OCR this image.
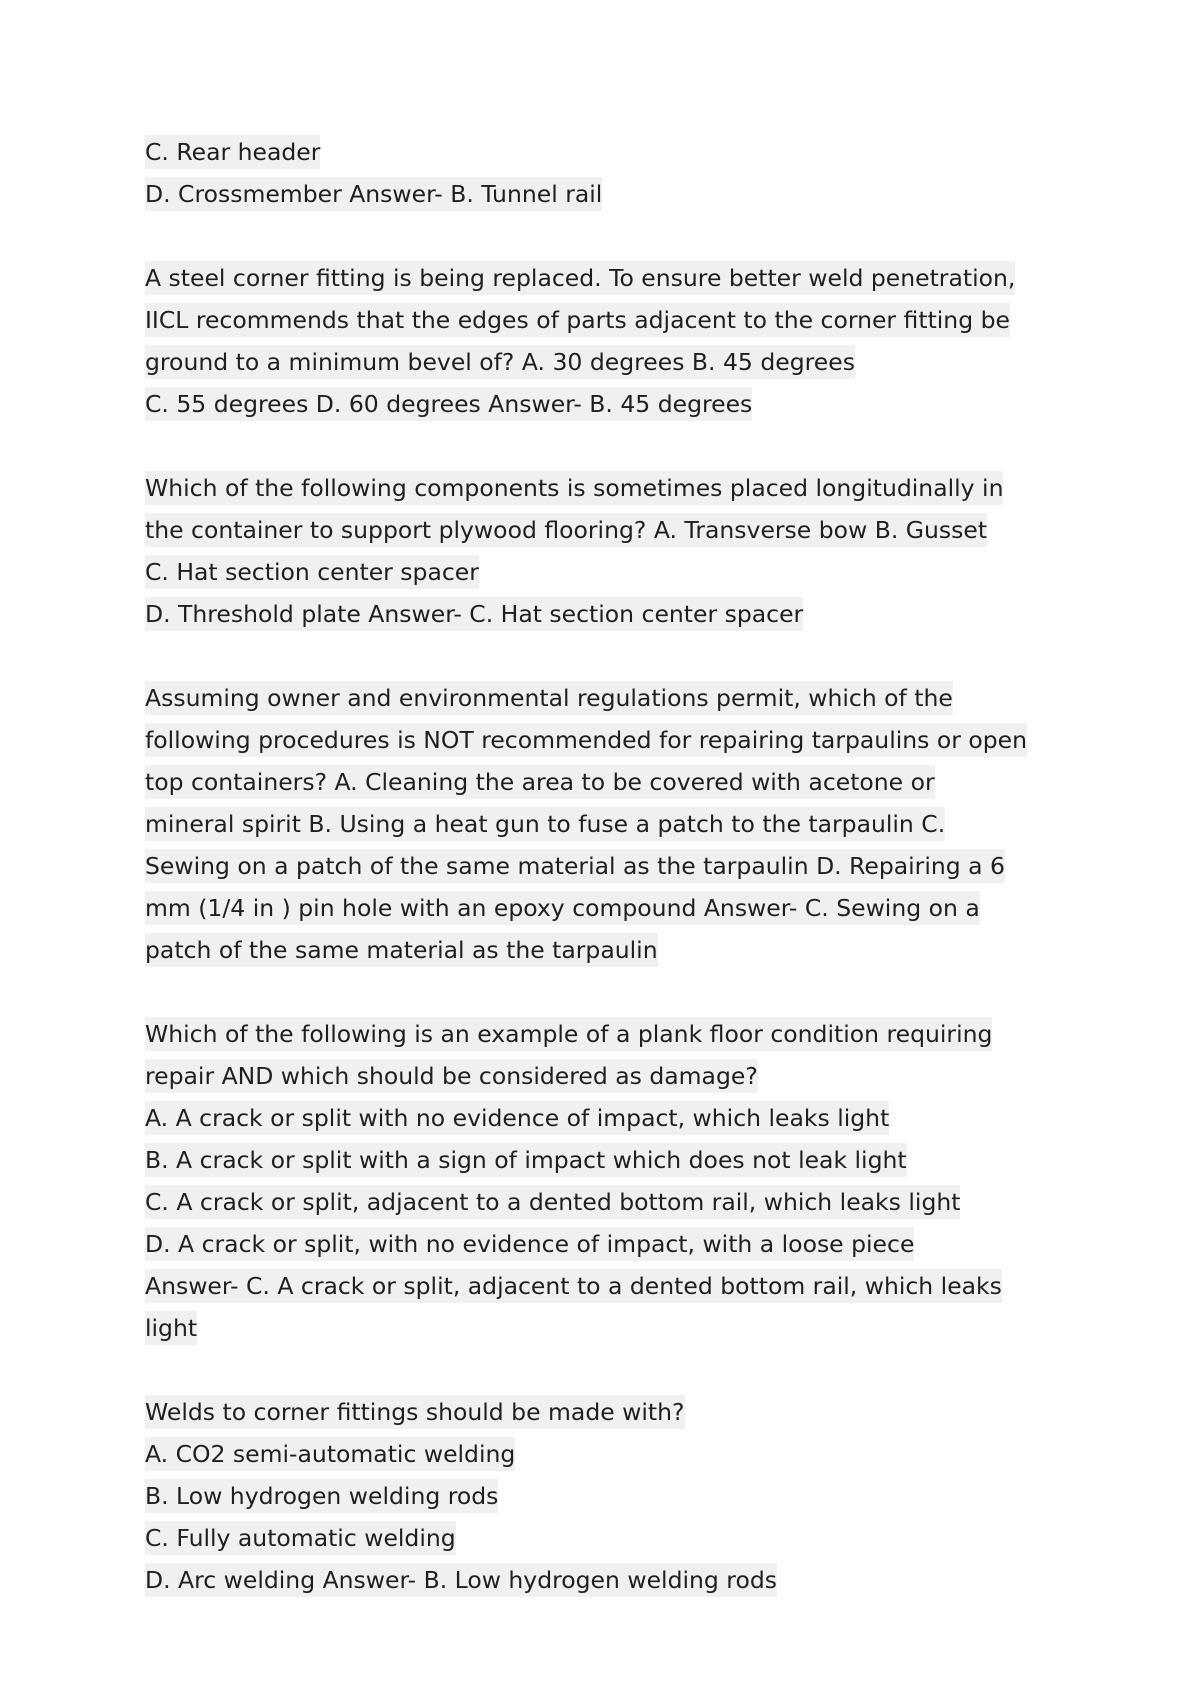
C. Rear header
D. Crossmember Answer- B. Tunnel rail
A steel corner fitting is being replaced. To ensure better weld penetration,
IICL recommends that the edges of parts adjacent to the corner fitting be
ground to a minimum bevel of? A. 30 degrees B. 45 degrees
C. 55 degrees D. 60 degrees Answer- B. 45 degrees
Which of the following components is sometimes placed longitudinally in
the container to support plywood flooring? A. Transverse bow B. Gusset
C. Hat section center spacer
D. Threshold plate Answer- C. Hat section center spacer
Assuming owner and environmental regulations permit, which of the
following procedures is NOT recommended for repairing tarpaulins or open
top containers? A. Cleaning the area to be covered with acetone or
mineral spirit B. Using a heat gun to fuse a patch to the tarpaulin C.
Sewing on a patch of the same material as the tarpaulin D. Repairing a 6
mm (1/4 in ) pin hole with an epoxy compound Answer- C. Sewing on a
patch of the same material as the tarpaulin
Which of the following is an example of a plank floor condition requiring
repair AND which should be considered as damage?
A. A crack or split with no evidence of impact, which leaks light
B. A crack or split with a sign of impact which does not leak light
C. A crack or split, adjacent to a dented bottom rail, which leaks light
D. A crack or split, with no evidence of impact, with a loose piece
Answer- C. A crack or split, adjacent to a dented bottom rail, which leaks
light
Welds to corner fittings should be made with?
A. CO2 semi-automatic welding
B. Low hydrogen welding rods
C. Fully automatic welding
D. Arc welding Answer- B. Low hydrogen welding rods
